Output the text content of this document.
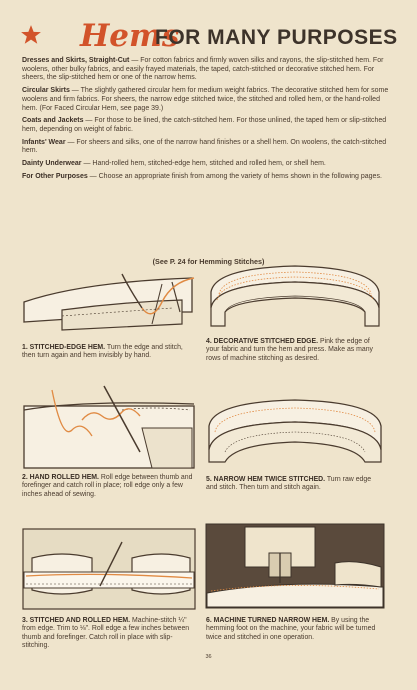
Hems
FOR MANY PURPOSES

Dresses and Skirts, Straight-Cut — For cotton fabrics and firmly woven silks and rayons, the slip-stitched hem. For woolens, other bulky fabrics, and easily frayed materials, the taped, catch-stitched or decorative stitched hem. For sheers, the slip-stitched hem or one of the narrow hems.

Circular Skirts — The slightly gathered circular hem for medium weight fabrics. The decorative stitched hem for some woolens and firm fabrics. For sheers, the narrow edge stitched twice, the stitched and rolled hem, or the hand-rolled hem. (For Faced Circular Hem, see page 39.)

Coats and Jackets — For those to be lined, the catch-stitched hem. For those unlined, the taped hem or slip-stitched hem, depending on weight of fabric.

Infants' Wear — For sheers and silks, one of the narrow hand finishes or a shell hem. On woolens, the catch-stitched hem.

Dainty Underwear — Hand-rolled hem, stitched-edge hem, stitched and rolled hem, or shell hem.

For Other Purposes — Choose an appropriate finish from among the variety of hems shown in the following pages.

(See P. 24 for Hemming Stitches)
1. STITCHED-EDGE HEM. Turn the edge and stitch, then turn again and hem invisibly by hand.
4. DECORATIVE STITCHED EDGE. Pink the edge of your fabric and turn the hem and press. Make as many rows of machine stitching as desired.
2. HAND ROLLED HEM. Roll edge between thumb and forefinger and catch roll in place; roll edge only a few inches ahead of sewing.
5. NARROW HEM TWICE STITCHED. Turn raw edge and stitch. Then turn and stitch again.
3. STITCHED AND ROLLED HEM. Machine-stitch ¼" from edge. Trim to ⅛". Roll edge a few inches between thumb and forefinger. Catch roll in place with slip-stitching.
6. MACHINE TURNED NARROW HEM. By using the hemming foot on the machine, your fabric will be turned twice and stitched in one operation.
36
